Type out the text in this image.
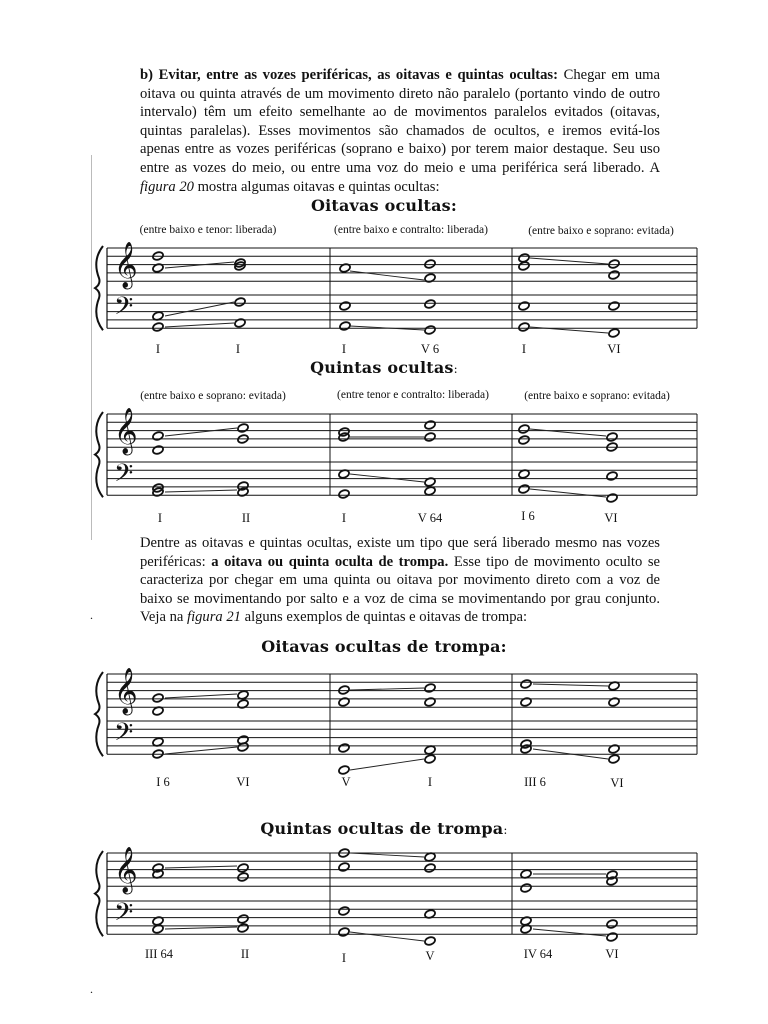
b) Evitar, entre as vozes periféricas, as oitavas e quintas ocultas: Chegar em uma oitava ou quinta através de um movimento direto não paralelo (portanto vindo de outro intervalo) têm um efeito semelhante ao de movimentos paralelos evitados (oitavas, quintas paralelas). Esses movimentos são chamados de ocultos, e iremos evitá-los apenas entre as vozes periféricas (soprano e baixo) por terem maior destaque. Seu uso entre as vozes do meio, ou entre uma voz do meio e uma periférica será liberado. A figura 20 mostra algumas oitavas e quintas ocultas:

Oitavas ocultas:
(entre baixo e tenor: liberada)	(entre baixo e contralto: liberada)	(entre baixo e soprano: evitada)
𝄞
𝄢
I	I	I	V 6	I	VI
Quintas ocultas:
(entre baixo e soprano: evitada)	(entre tenor e contralto: liberada)	(entre baixo e soprano: evitada)
𝄞
𝄢
I	II	I	V 64	I 6	VI

Dentre as oitavas e quintas ocultas, existe um tipo que será liberado mesmo nas vozes periféricas: a oitava ou quinta oculta de trompa. Esse tipo de movimento oculto se caracteriza por chegar em uma quinta ou oitava por movimento direto com a voz de baixo se movimentando por salto e a voz de cima se movimentando por grau conjunto. Veja na figura 21 alguns exemplos de quintas e oitavas de trompa:

.
Oitavas ocultas de trompa:
𝄞
𝄢
I 6	VI	V	I	III 6	VI
Quintas ocultas de trompa:
𝄞
𝄢
III 64	II	I	V	IV 64	VI
.
